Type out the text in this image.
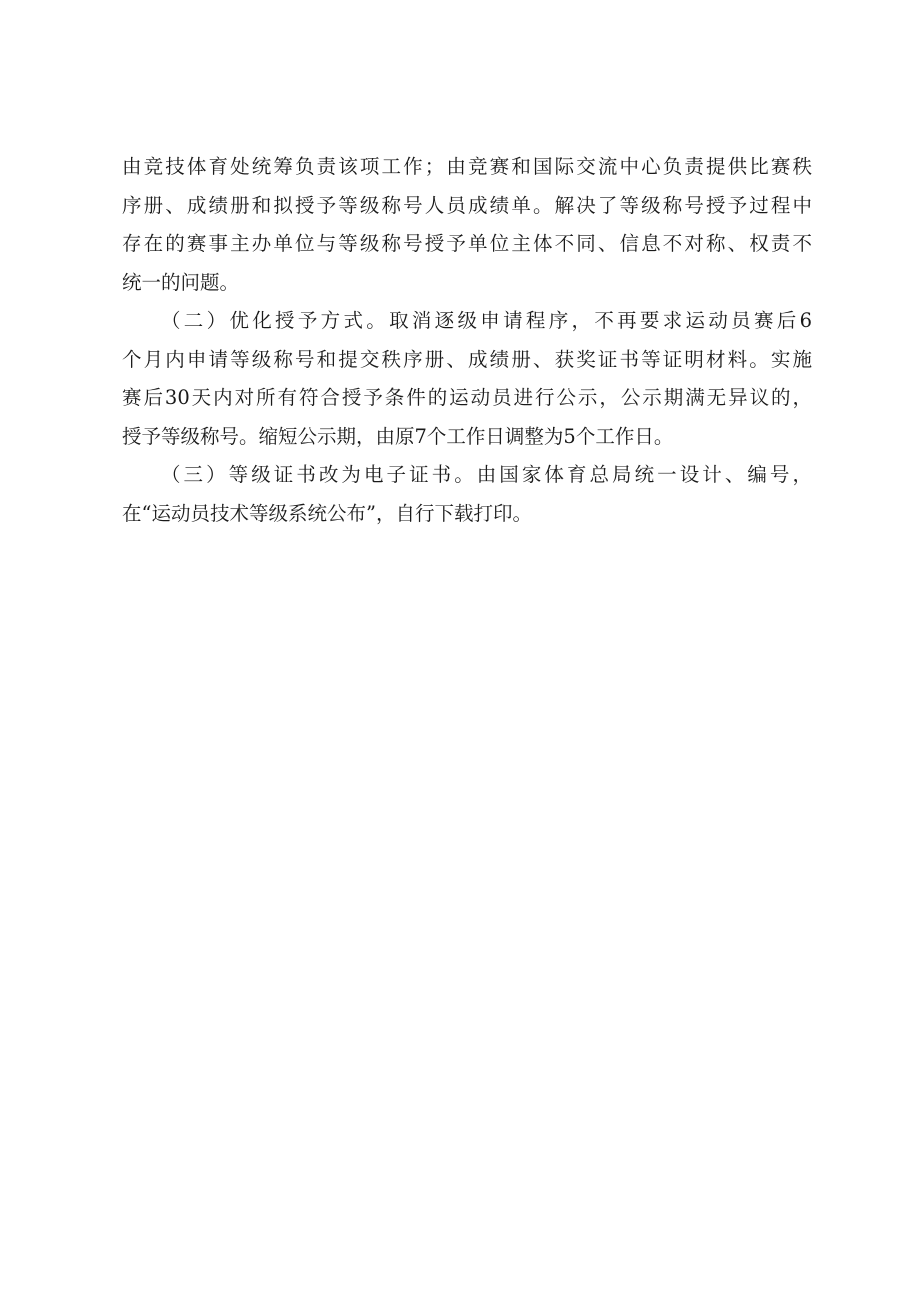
由竞技体育处统筹负责该项工作；由竞赛和国际交流中心负责提供比赛秩
序册、成绩册和拟授予等级称号人员成绩单。解决了等级称号授予过程中
存在的赛事主办单位与等级称号授予单位主体不同、信息不对称、权责不
统一的问题。
（二）优化授予方式。取消逐级申请程序，不再要求运动员赛后6
个月内申请等级称号和提交秩序册、成绩册、获奖证书等证明材料。实施
赛后30天内对所有符合授予条件的运动员进行公示，公示期满无异议的，
授予等级称号。缩短公示期，由原7个工作日调整为5个工作日。
（三）等级证书改为电子证书。由国家体育总局统一设计、编号，
在“运动员技术等级系统公布”，自行下载打印。
